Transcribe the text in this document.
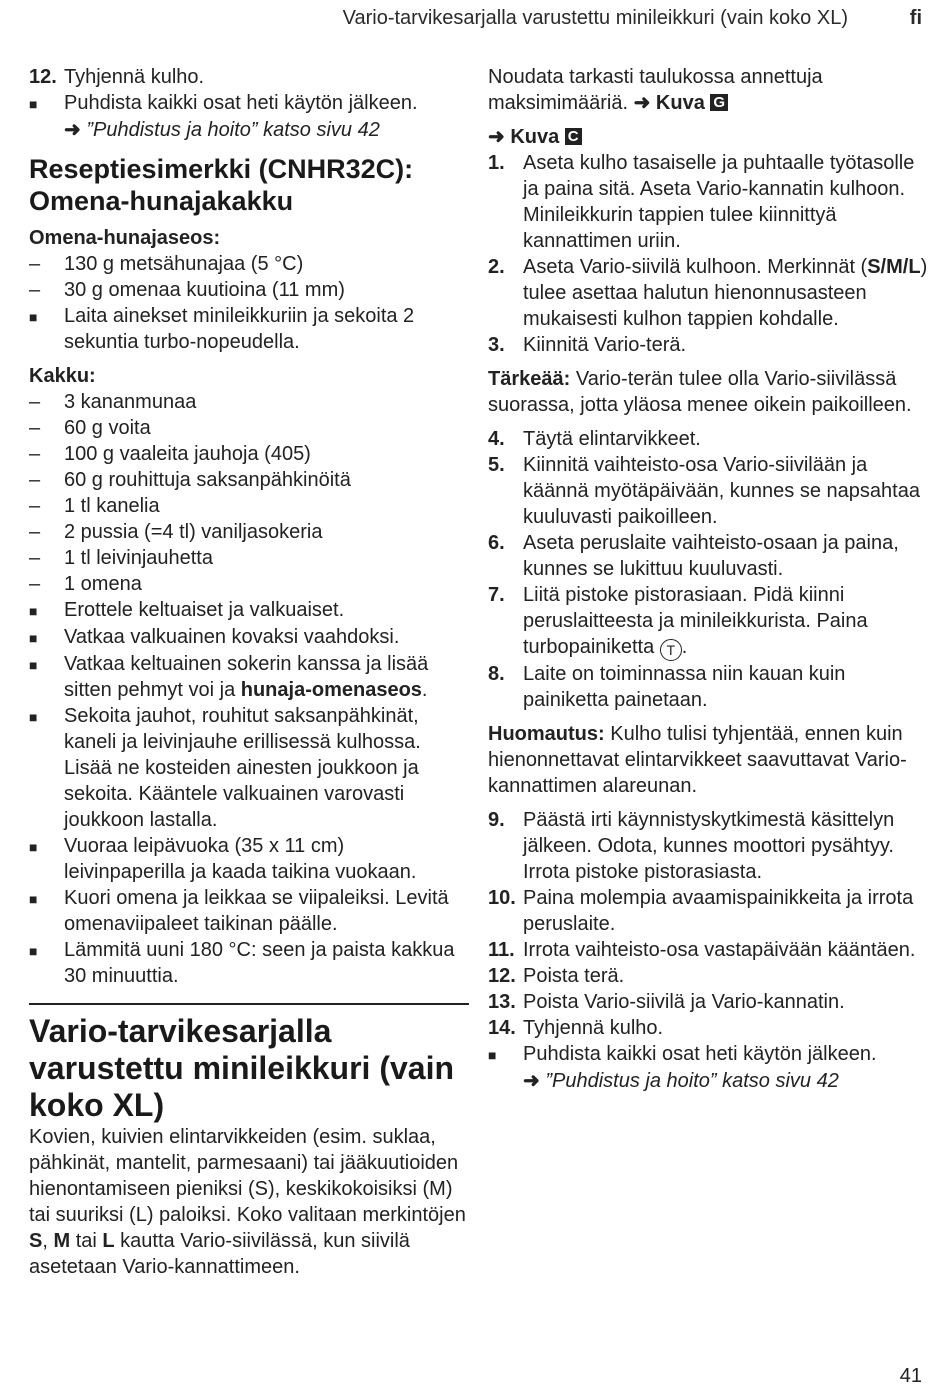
Vario-tarvikesarjalla varustettu minileikkuri (vain koko XL)	fi
12. Tyhjennä kulho.
■	Puhdista kaikki osat heti käytön jälkeen.
➜ ”Puhdistus ja hoito” katso sivu 42
Reseptiesimerkki (CNHR32C): Omena-hunajakakku
Omena-hunajaseos:
–	130 g metsähunajaa (5 °C)
–	30 g omenaa kuutioina (11 mm)
■	Laita ainekset minileikkuriin ja sekoita 2 sekuntia turbo-nopeudella.
Kakku:
–	3 kananmunaa
–	60 g voita
–	100 g vaaleita jauhoja (405)
–	60 g rouhittuja saksanpähkinöitä
–	1 tl kanelia
–	2 pussia (=4 tl) vaniljasokeria
–	1 tl leivinjauhetta
–	1 omena
■	Erottele keltuaiset ja valkuaiset.
■	Vatkaa valkuainen kovaksi vaahdoksi.
■	Vatkaa keltuainen sokerin kanssa ja lisää sitten pehmyt voi ja hunaja-omenaseos.
■	Sekoita jauhot, rouhitut saksanpähkinät, kaneli ja leivinjauhe erillisessä kulhossa. Lisää ne kosteiden ainesten joukkoon ja sekoita. Kääntele valkuainen varovasti joukkoon lastalla.
■	Vuoraa leipävuoka (35 x 11 cm) leivinpaperilla ja kaada taikina vuokaan.
■	Kuori omena ja leikkaa se viipaleiksi. Levitä omenaviipaleet taikinan päälle.
■	Lämmitä uuni 180 °C: seen ja paista kakkua 30 minuuttia.
Vario-tarvikesarjalla varustettu minileikkuri (vain koko XL)
Kovien, kuivien elintarvikkeiden (esim. suklaa, pähkinät, mantelit, parmesaani) tai jääkuutioiden hienontamiseen pieniksi (S), keskikokoisiksi (M) tai suuriksi (L) paloiksi. Koko valitaan merkintöjen S, M tai L kautta Vario-siivilässä, kun siivilä asetetaan Vario-kannattimeen.
Noudata tarkasti taulukossa annettuja maksimimääriä. ➜ Kuva G
➜ Kuva C
1. Aseta kulho tasaiselle ja puhtaalle työtasolle ja paina sitä. Aseta Vario-kannatin kulhoon. Minileikkurin tappien tulee kiinnittyä kannattimen uriin.
2. Aseta Vario-siivilä kulhoon. Merkinnät (S/M/L) tulee asettaa halutun hienonnusasteen mukaisesti kulhon tappien kohdalle.
3. Kiinnitä Vario-terä.
Tärkeää: Vario-terän tulee olla Vario-siivilässä suorassa, jotta yläosa menee oikein paikoilleen.
4. Täytä elintarvikkeet.
5. Kiinnitä vaihteisto-osa Vario-siivilään ja käännä myötäpäivään, kunnes se napsahtaa kuuluvasti paikoilleen.
6. Aseta peruslaite vaihteisto-osaan ja paina, kunnes se lukittuu kuuluvasti.
7. Liitä pistoke pistorasiaan. Pidä kiinni peruslaitteesta ja minileikkurista. Paina turbopainiketta T .
8. Laite on toiminnassa niin kauan kuin painiketta painetaan.
Huomautus: Kulho tulisi tyhjentää, ennen kuin hienonnettavat elintarvikkeet saavuttavat Vario-kannattimen alareunan.
9. Päästä irti käynnistyskytkimestä käsittelyn jälkeen. Odota, kunnes moottori pysähtyy. Irrota pistoke pistorasiasta.
10. Paina molempia avaamispainikkeita ja irrota peruslaite.
11. Irrota vaihteisto-osa vastapäivään kääntäen.
12. Poista terä.
13. Poista Vario-siivilä ja Vario-kannatin.
14. Tyhjennä kulho.
■	Puhdista kaikki osat heti käytön jälkeen.
➜ ”Puhdistus ja hoito” katso sivu 42
41
